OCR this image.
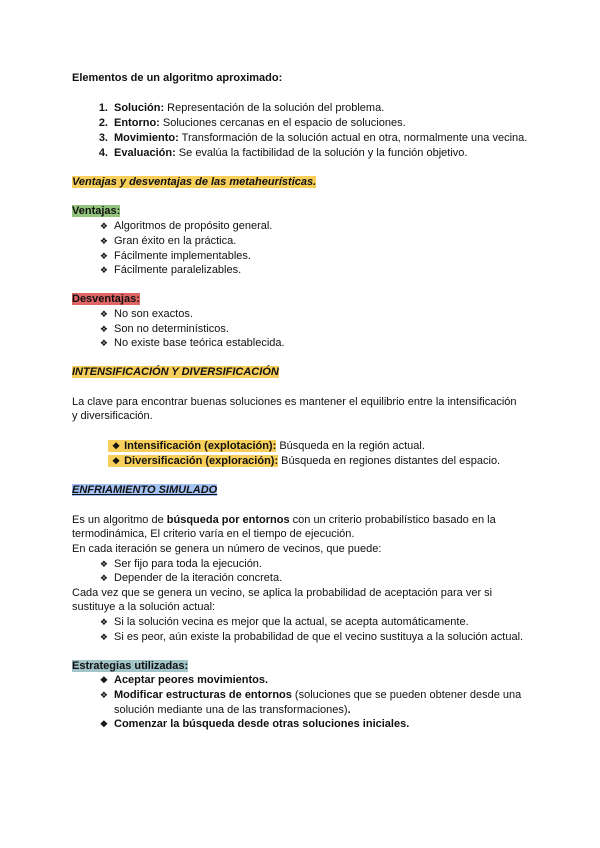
Elementos de un algoritmo aproximado:
1. Solución: Representación de la solución del problema.
2. Entorno: Soluciones cercanas en el espacio de soluciones.
3. Movimiento: Transformación de la solución actual en otra, normalmente una vecina.
4. Evaluación: Se evalúa la factibilidad de la solución y la función objetivo.
Ventajas y desventajas de las metaheurísticas.
Ventajas:
❖ Algoritmos de propósito general.
❖ Gran éxito en la práctica.
❖ Fácilmente implementables.
❖ Fácilmente paralelizables.
Desventajas:
❖ No son exactos.
❖ Son no determinísticos.
❖ No existe base teórica establecida.
INTENSIFICACIÓN Y DIVERSIFICACIÓN
La clave para encontrar buenas soluciones es mantener el equilibrio entre la intensificación
y diversificación.
❖ Intensificación (explotación): Búsqueda en la región actual.
❖ Diversificación (exploración): Búsqueda en regiones distantes del espacio.
ENFRIAMIENTO SIMULADO
Es un algoritmo de búsqueda por entornos con un criterio probabilístico basado en la
termodinámica, El criterio varía en el tiempo de ejecución.
En cada iteración se genera un número de vecinos, que puede:
❖ Ser fijo para toda la ejecución.
❖ Depender de la iteración concreta.
Cada vez que se genera un vecino, se aplica la probabilidad de aceptación para ver si
sustituye a la solución actual:
❖ Si la solución vecina es mejor que la actual, se acepta automáticamente.
❖ Si es peor, aún existe la probabilidad de que el vecino sustituya a la solución actual.
Estrategias utilizadas:
❖ Aceptar peores movimientos.
❖ Modificar estructuras de entornos (soluciones que se pueden obtener desde una
solución mediante una de las transformaciones).
❖ Comenzar la búsqueda desde otras soluciones iniciales.
